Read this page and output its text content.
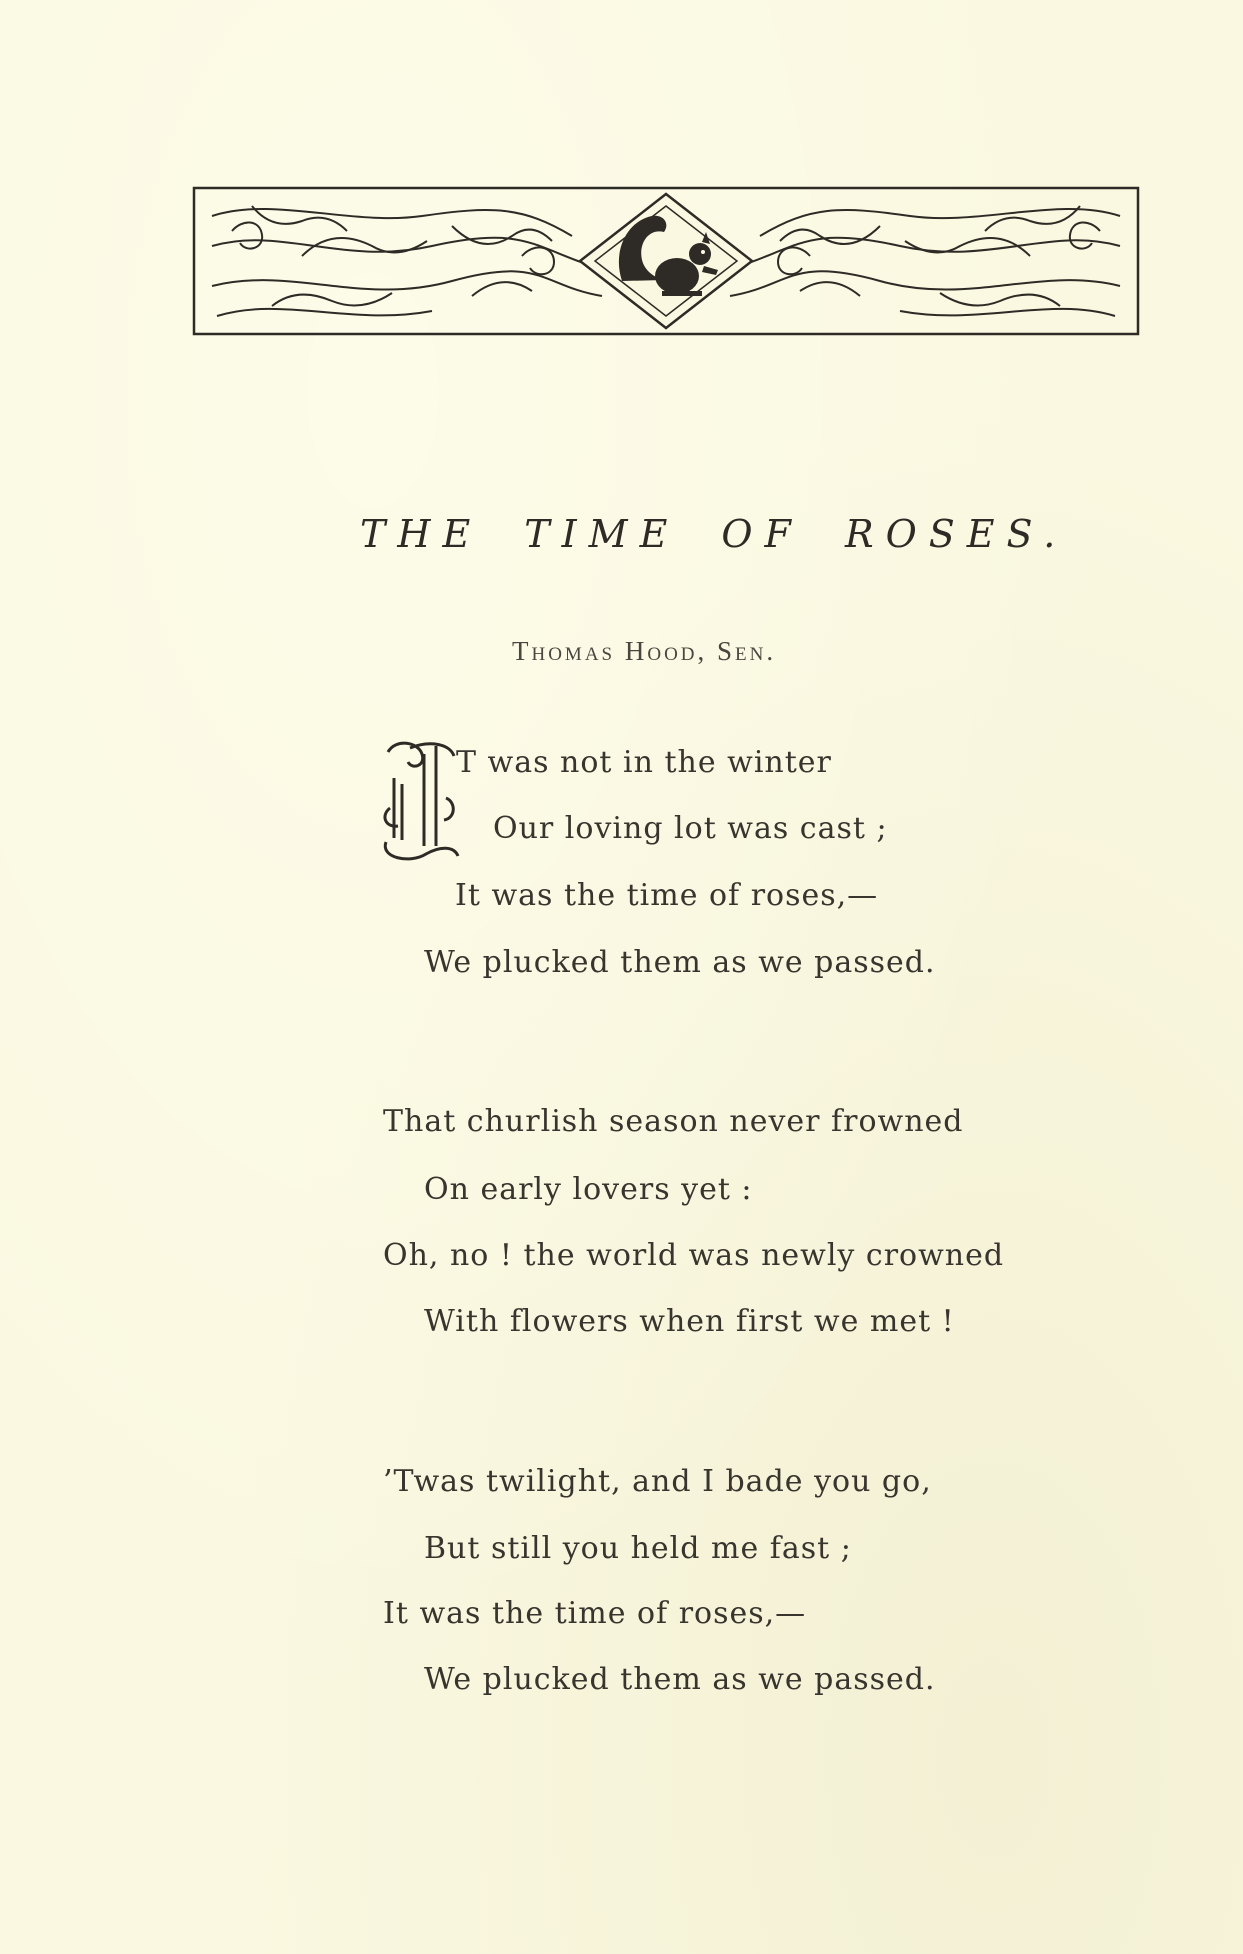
THE TIME OF ROSES.
Thomas Hood, Sen.
T was not in the winter
Our loving lot was cast ;
It was the time of roses,—
We plucked them as we passed.
That churlish season never frowned
On early lovers yet :
Oh, no ! the world was newly crowned
With flowers when first we met !
’Twas twilight, and I bade you go,
But still you held me fast ;
It was the time of roses,—
We plucked them as we passed.
